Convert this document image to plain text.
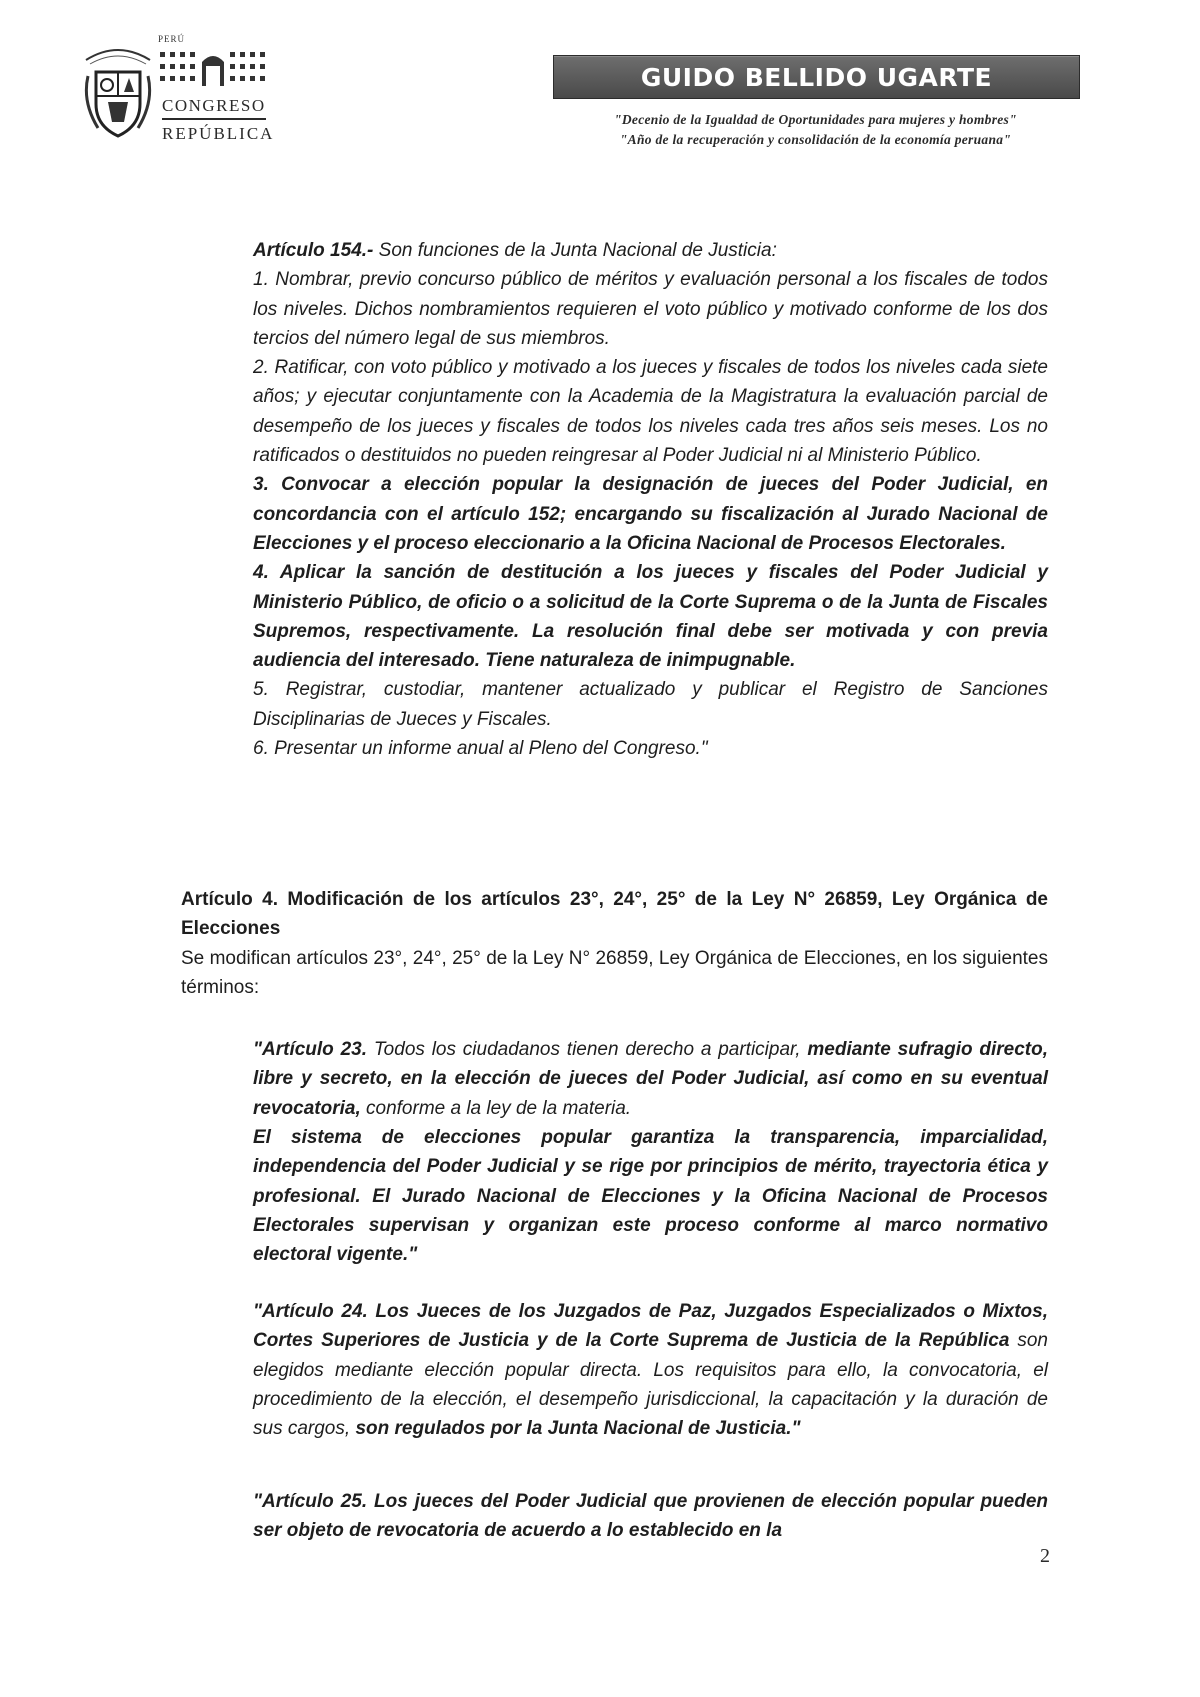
PERÚ
CONGRESO
REPÚBLICA
GUIDO BELLIDO UGARTE
"Decenio de la Igualdad de Oportunidades para mujeres y hombres"
"Año de la recuperación y consolidación de la economía peruana"

Artículo 154.- Son funciones de la Junta Nacional de Justicia:

1. Nombrar, previo concurso público de méritos y evaluación personal a los fiscales de todos los niveles. Dichos nombramientos requieren el voto público y motivado conforme de los dos tercios del número legal de sus miembros.

2. Ratificar, con voto público y motivado a los jueces y fiscales de todos los niveles cada siete años; y ejecutar conjuntamente con la Academia de la Magistratura la evaluación parcial de desempeño de los jueces y fiscales de todos los niveles cada tres años seis meses. Los no ratificados o destituidos no pueden reingresar al Poder Judicial ni al Ministerio Público.

3. Convocar a elección popular la designación de jueces del Poder Judicial, en concordancia con el artículo 152; encargando su fiscalización al Jurado Nacional de Elecciones y el proceso eleccionario a la Oficina Nacional de Procesos Electorales.

4. Aplicar la sanción de destitución a los jueces y fiscales del Poder Judicial y Ministerio Público, de oficio o a solicitud de la Corte Suprema o de la Junta de Fiscales Supremos, respectivamente. La resolución final debe ser motivada y con previa audiencia del interesado. Tiene naturaleza de inimpugnable.

5. Registrar, custodiar, mantener actualizado y publicar el Registro de Sanciones Disciplinarias de Jueces y Fiscales.

6. Presentar un informe anual al Pleno del Congreso."

Artículo 4. Modificación de los artículos 23°, 24°, 25° de la Ley N° 26859, Ley Orgánica de Elecciones

Se modifican artículos 23°, 24°, 25° de la Ley N° 26859, Ley Orgánica de Elecciones, en los siguientes términos:

"Artículo 23. Todos los ciudadanos tienen derecho a participar, mediante sufragio directo, libre y secreto, en la elección de jueces del Poder Judicial, así como en su eventual revocatoria, conforme a la ley de la materia.

El sistema de elecciones popular garantiza la transparencia, imparcialidad, independencia del Poder Judicial y se rige por principios de mérito, trayectoria ética y profesional. El Jurado Nacional de Elecciones y la Oficina Nacional de Procesos Electorales supervisan y organizan este proceso conforme al marco normativo electoral vigente."

"Artículo 24. Los Jueces de los Juzgados de Paz, Juzgados Especializados o Mixtos, Cortes Superiores de Justicia y de la Corte Suprema de Justicia de la República son elegidos mediante elección popular directa. Los requisitos para ello, la convocatoria, el procedimiento de la elección, el desempeño jurisdiccional, la capacitación y la duración de sus cargos, son regulados por la Junta Nacional de Justicia."

"Artículo 25. Los jueces del Poder Judicial que provienen de elección popular pueden ser objeto de revocatoria de acuerdo a lo establecido en la

2
